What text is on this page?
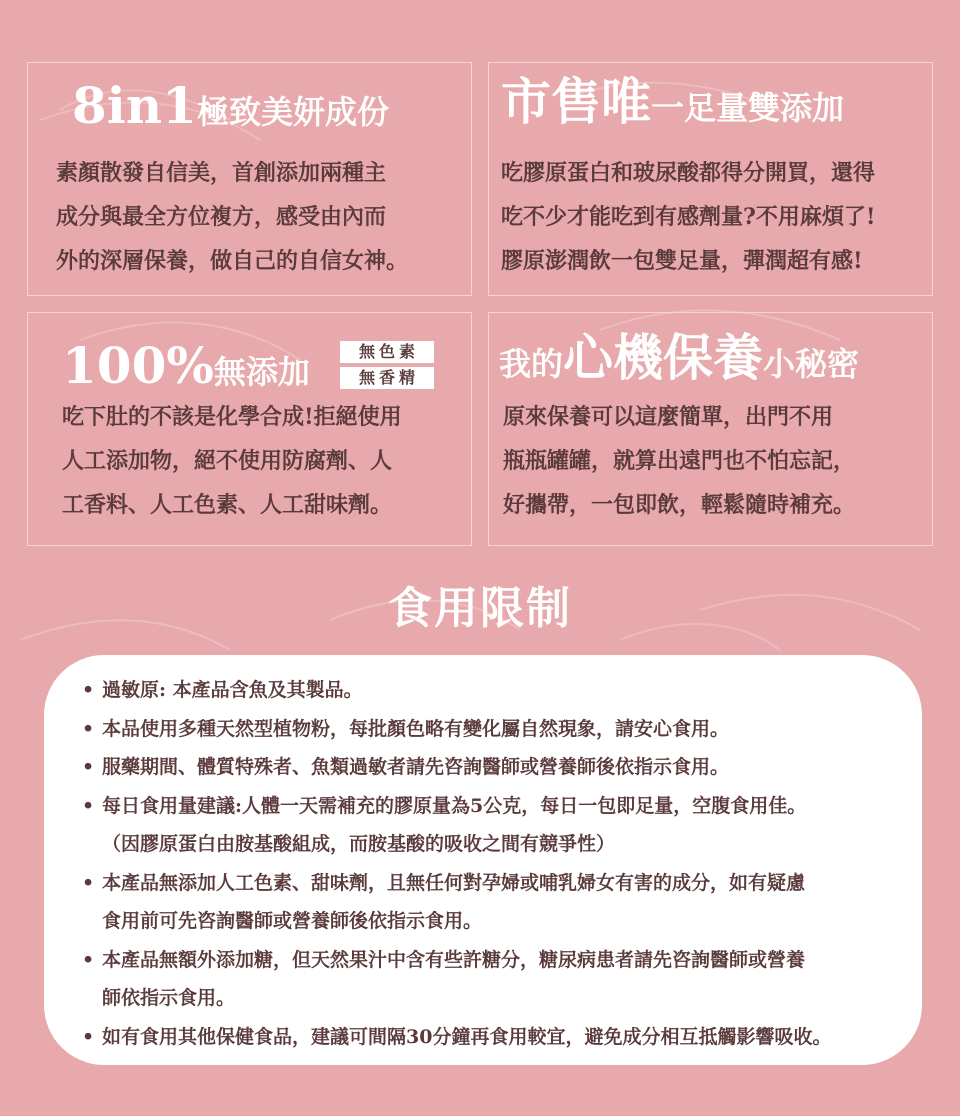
8in1極致美妍成份
素顏散發自信美，首創添加兩種主
成分與最全方位複方，感受由內而
外的深層保養，做自己的自信女神。
市售唯一足量雙添加
吃膠原蛋白和玻尿酸都得分開買，還得
吃不少才能吃到有感劑量?不用麻煩了!
膠原澎潤飲一包雙足量，彈潤超有感!
100%無添加
無色素
無香精
吃下肚的不該是化學合成!拒絕使用
人工添加物，絕不使用防腐劑、人
工香料、人工色素、人工甜味劑。
我的心機保養小秘密
原來保養可以這麼簡單，出門不用
瓶瓶罐罐，就算出遠門也不怕忘記，
好攜帶，一包即飲，輕鬆隨時補充。
食用限制
• 過敏原: 本產品含魚及其製品。
• 本品使用多種天然型植物粉，每批顏色略有變化屬自然現象，請安心食用。
• 服藥期間、體質特殊者、魚類過敏者請先咨詢醫師或營養師後依指示食用。
• 每日食用量建議:人體一天需補充的膠原量為5公克，每日一包即足量，空腹食用佳。
（因膠原蛋白由胺基酸組成，而胺基酸的吸收之間有競爭性）
• 本產品無添加人工色素、甜味劑，且無任何對孕婦或哺乳婦女有害的成分，如有疑慮
食用前可先咨詢醫師或營養師後依指示食用。
• 本產品無額外添加糖，但天然果汁中含有些許糖分，糖尿病患者請先咨詢醫師或營養
師依指示食用。
• 如有食用其他保健食品，建議可間隔30分鐘再食用較宜，避免成分相互抵觸影響吸收。
